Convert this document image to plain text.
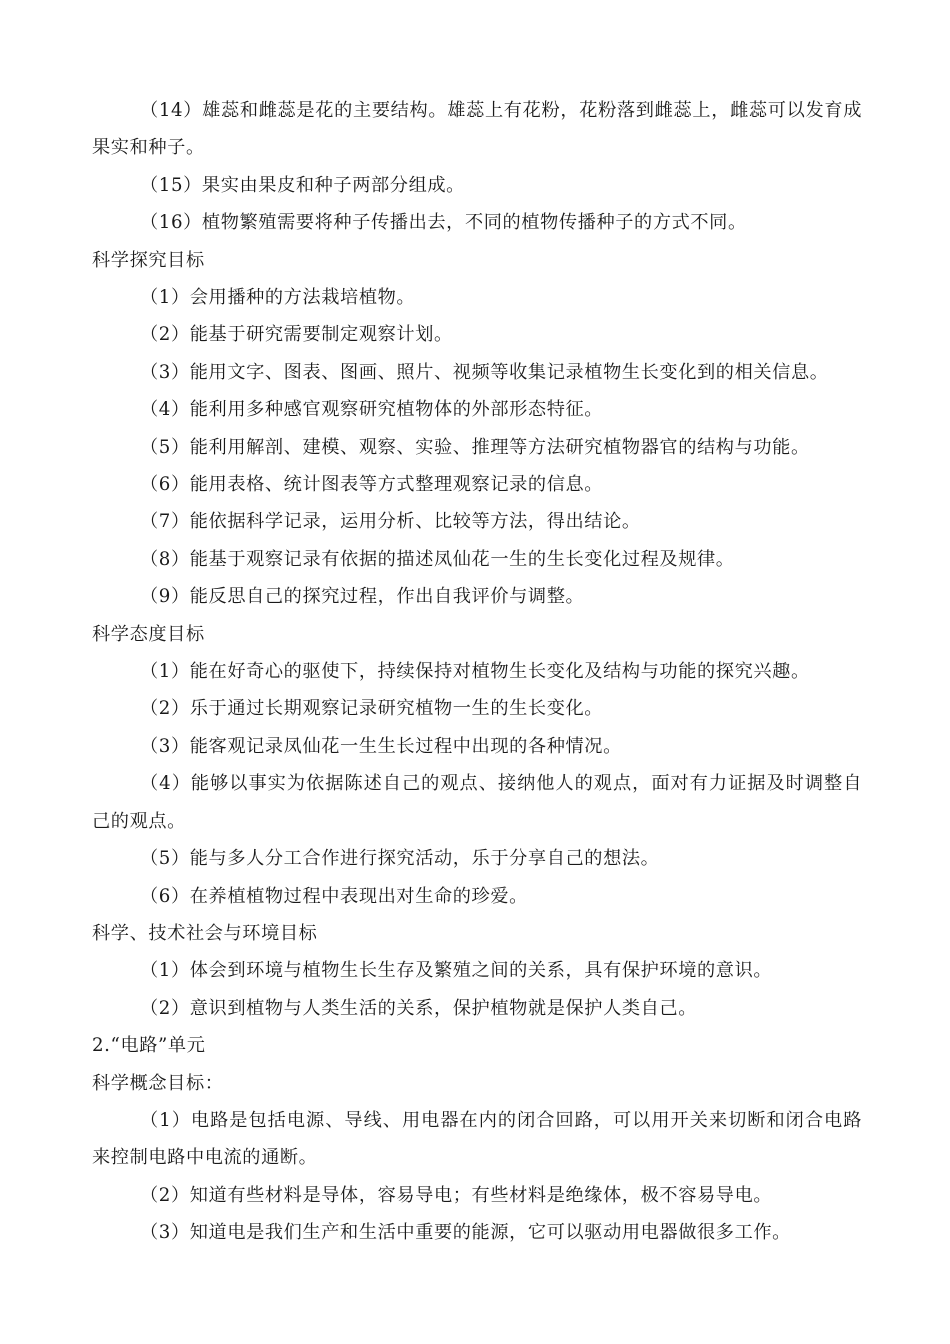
（14）雄蕊和雌蕊是花的主要结构。雄蕊上有花粉，花粉落到雌蕊上，雌蕊可以发育成果实和种子。
（15）果实由果皮和种子两部分组成。
（16）植物繁殖需要将种子传播出去，不同的植物传播种子的方式不同。
科学探究目标
（1）会用播种的方法栽培植物。
（2）能基于研究需要制定观察计划。
（3）能用文字、图表、图画、照片、视频等收集记录植物生长变化到的相关信息。
（4）能利用多种感官观察研究植物体的外部形态特征。
（5）能利用解剖、建模、观察、实验、推理等方法研究植物器官的结构与功能。
（6）能用表格、统计图表等方式整理观察记录的信息。
（7）能依据科学记录，运用分析、比较等方法，得出结论。
（8）能基于观察记录有依据的描述凤仙花一生的生长变化过程及规律。
（9）能反思自己的探究过程，作出自我评价与调整。
科学态度目标
（1）能在好奇心的驱使下，持续保持对植物生长变化及结构与功能的探究兴趣。
（2）乐于通过长期观察记录研究植物一生的生长变化。
（3）能客观记录凤仙花一生生长过程中出现的各种情况。
（4）能够以事实为依据陈述自己的观点、接纳他人的观点，面对有力证据及时调整自己的观点。
（5）能与多人分工合作进行探究活动，乐于分享自己的想法。
（6）在养植植物过程中表现出对生命的珍爱。
科学、技术社会与环境目标
（1）体会到环境与植物生长生存及繁殖之间的关系，具有保护环境的意识。
（2）意识到植物与人类生活的关系，保护植物就是保护人类自己。
2.“电路”单元
科学概念目标：
（1）电路是包括电源、导线、用电器在内的闭合回路，可以用开关来切断和闭合电路来控制电路中电流的通断。
（2）知道有些材料是导体，容易导电；有些材料是绝缘体，极不容易导电。
（3）知道电是我们生产和生活中重要的能源，它可以驱动用电器做很多工作。
